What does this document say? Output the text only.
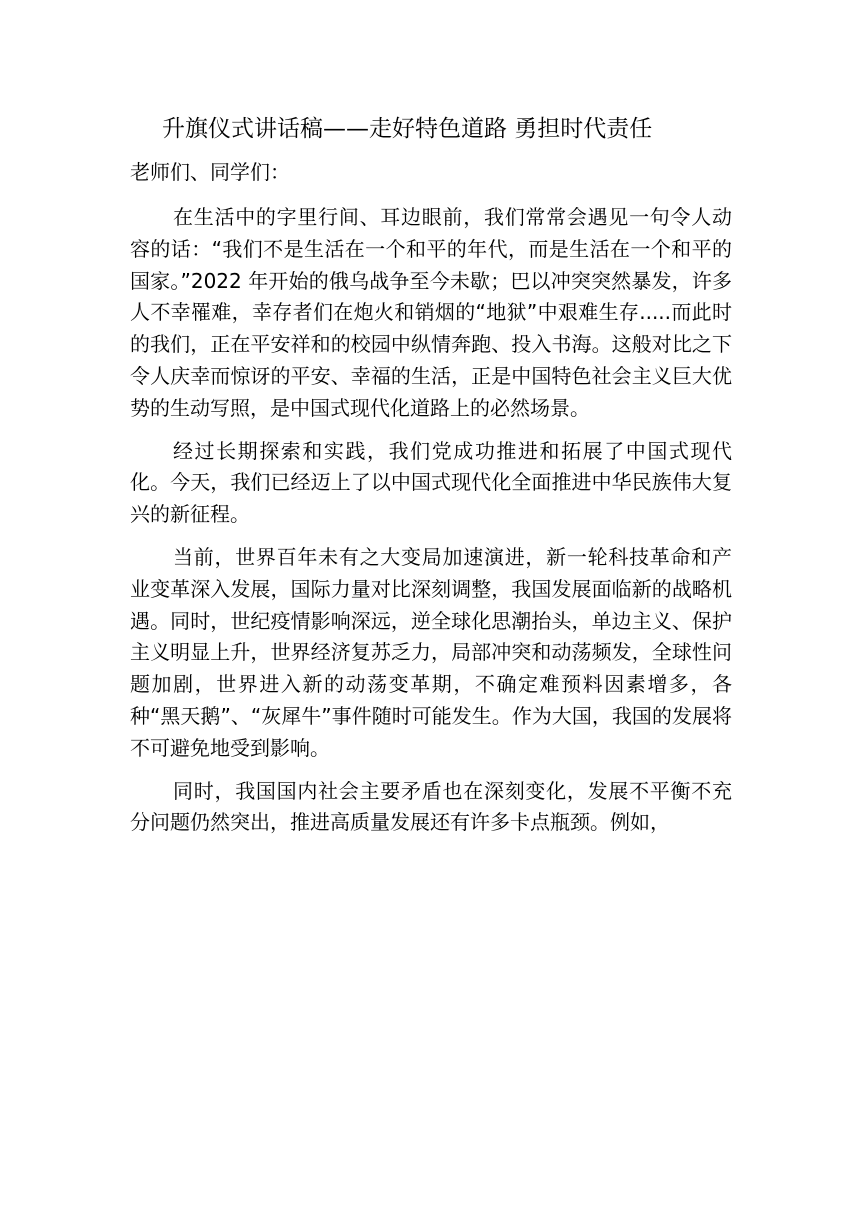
升旗仪式讲话稿——走好特色道路 勇担时代责任

老师们、同学们：

在生活中的字里行间、耳边眼前，我们常常会遇见一句令人动容的话：“我们不是生活在一个和平的年代，而是生活在一个和平的国家。”2022 年开始的俄乌战争至今未歇；巴以冲突突然暴发，许多人不幸罹难，幸存者们在炮火和销烟的“地狱”中艰难生存.....而此时的我们，正在平安祥和的校园中纵情奔跑、投入书海。这般对比之下令人庆幸而惊讶的平安、幸福的生活，正是中国特色社会主义巨大优势的生动写照，是中国式现代化道路上的必然场景。

经过长期探索和实践，我们党成功推进和拓展了中国式现代化。今天，我们已经迈上了以中国式现代化全面推进中华民族伟大复兴的新征程。

当前，世界百年未有之大变局加速演进，新一轮科技革命和产业变革深入发展，国际力量对比深刻调整，我国发展面临新的战略机遇。同时，世纪疫情影响深远，逆全球化思潮抬头，单边主义、保护主义明显上升，世界经济复苏乏力，局部冲突和动荡频发，全球性问题加剧，世界进入新的动荡变革期，不确定难预料因素增多，各种“黑天鹅”、“灰犀牛”事件随时可能发生。作为大国，我国的发展将不可避免地受到影响。

同时，我国国内社会主要矛盾也在深刻变化，发展不平衡不充分问题仍然突出，推进高质量发展还有许多卡点瓶颈。例如，
